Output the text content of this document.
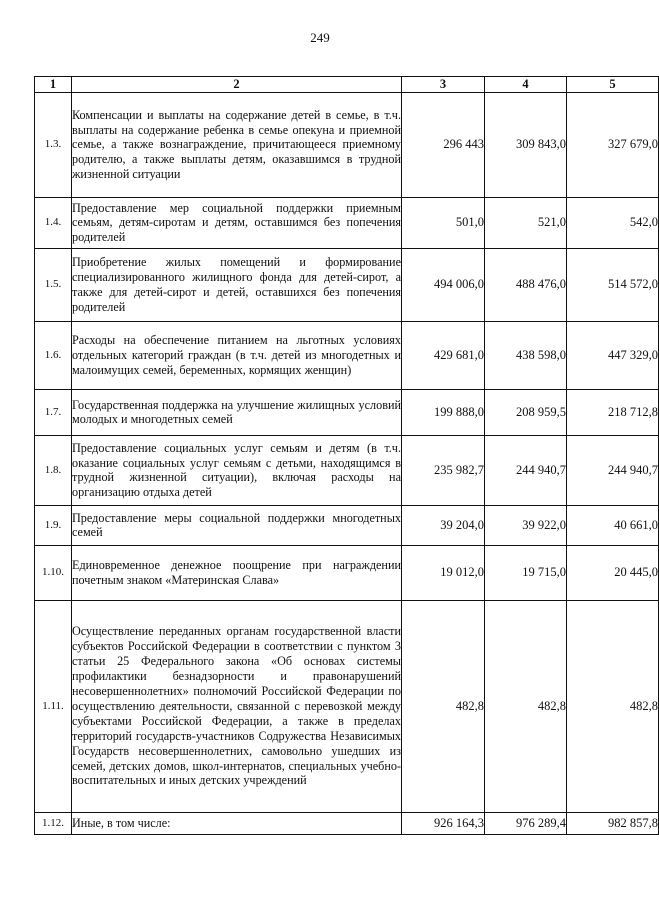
249
1	2	3	4	5
1.3.	Компенсации и выплаты на содержание детей в семье, в т.ч. выплаты на содержание ребенка в семье опекуна и приемной семье, а также вознаграждение, причитающееся приемному родителю, а также выплаты детям, оказавшимся в трудной жизненной ситуации	296 443	309 843,0	327 679,0
1.4.	Предоставление мер социальной поддержки приемным семьям, детям-сиротам и детям, оставшимся без попечения родителей	501,0	521,0	542,0
1.5.	Приобретение жилых помещений и формирование специализированного жилищного фонда для детей-сирот, а также для детей-сирот и детей, оставшихся без попечения родителей	494 006,0	488 476,0	514 572,0
1.6.	Расходы на обеспечение питанием на льготных условиях отдельных категорий граждан (в т.ч. детей из многодетных и малоимущих семей, беременных, кормящих женщин)	429 681,0	438 598,0	447 329,0
1.7.	Государственная поддержка на улучшение жилищных условий молодых и многодетных семей	199 888,0	208 959,5	218 712,8
1.8.	Предоставление социальных услуг семьям и детям (в т.ч. оказание социальных услуг семьям с детьми, находящимся в трудной жизненной ситуации), включая расходы на организацию отдыха детей	235 982,7	244 940,7	244 940,7
1.9.	Предоставление меры социальной поддержки многодетных семей	39 204,0	39 922,0	40 661,0
1.10.	Единовременное денежное поощрение при награждении почетным знаком «Материнская Слава»	19 012,0	19 715,0	20 445,0
1.11.	Осуществление переданных органам государственной власти субъектов Российской Федерации в соответствии с пунктом 3 статьи 25 Федерального закона «Об основах системы профилактики безнадзорности и правонарушений несовершеннолетних» полномочий Российской Федерации по осуществлению деятельности, связанной с перевозкой между субъектами Российской Федерации, а также в пределах территорий государств-участников Содружества Независимых Государств несовершеннолетних, самовольно ушедших из семей, детских домов, школ-интернатов, специальных учебно-воспитательных и иных детских учреждений	482,8	482,8	482,8
1.12.	Иные, в том числе:	926 164,3	976 289,4	982 857,8
